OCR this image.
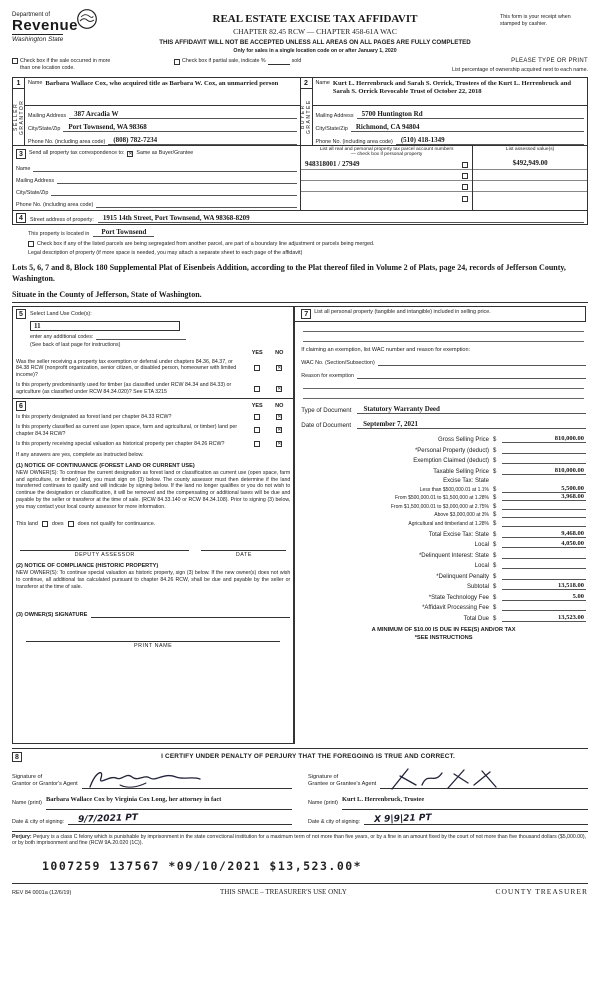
Department of
Revenue
Washington State
REAL ESTATE EXCISE TAX AFFIDAVIT
CHAPTER 82.45 RCW — CHAPTER 458-61A WAC
THIS AFFIDAVIT WILL NOT BE ACCEPTED UNLESS ALL AREAS ON ALL PAGES ARE FULLY COMPLETED
Only for sales in a single location code on or after January 1, 2020
This form is your receipt when stamped by cashier.
Check box if the sale occurred in more than one location code.
Check box if partial sale, indicate %	sold	PLEASE TYPE OR PRINT
List percentage of ownership acquired next to each name.
1
SELLER GRANTOR
Name Barbara Wallace Cox, who acquired title as Barbara W. Cox, an unmarried person
Mailing Address	387 Arcadia W
City/State/Zip	Port Townsend, WA 98368
Phone No. (including area code)	(808) 782-7234
2
BUYER GRANTEE
Name Kurt L. Herrenbruck and Sarah S. Orrick, Trustees of the Kurt L. Herrenbruck and Sarah S. Orrick Revocable Trust of October 22, 2018
Mailing Address	5700 Huntington Rd
City/State/Zip	Richmond, CA 94804
Phone No. (including area code)	(510) 418-1349
3	Send all property tax correspondence to: ✕ Same as Buyer/Grantee
Name
Mailing Address
City/State/Zip
Phone No. (including area code)
List all real and personal property tax parcel account numbers
— check box if personal property
948318001 / 27949
List assessed value(s)
$492,949.00
4	Street address of property:	1915 14th Street, Port Townsend, WA 98368-8209
This property is located in	Port Townsend
Check box if any of the listed parcels are being segregated from another parcel, are part of a boundary line adjustment or parcels being merged.
Legal description of property (if more space is needed, you may attach a separate sheet to each page of the affidavit)
Lots 5, 6, 7 and 8, Block 180 Supplemental Plat of Eisenbeis Addition, according to the Plat thereof filed in Volume 2 of Plats, page 24, records of Jefferson County, Washington.
Situate in the County of Jefferson, State of Washington.
5	Select Land Use Code(s):
11
enter any additional codes:
(See back of last page for instructions)
YES	NO
Was the seller receiving a property tax exemption or deferral under chapters 84.36, 84.37, or 84.38 RCW (nonprofit organization, senior citizen, or disabled person, homeowner with limited income)?
✕
Is this property predominantly used for timber (as classified under RCW 84.34 and 84.33) or agriculture (as classified under RCW 84.34.020)? See ETA 3215
✕
6	YES	NO
Is this property designated as forest land per chapter 84.33 RCW?	✕
Is this property classified as current use (open space, farm and agricultural, or timber) land per chapter 84.34 RCW?
✕
Is this property receiving special valuation as historical property per chapter 84.26 RCW?	✕
If any answers are yes, complete as instructed below.
(1) NOTICE OF CONTINUANCE (FOREST LAND OR CURRENT USE)
NEW OWNER(S): To continue the current designation as forest land or classification as current use (open space, farm and agriculture, or timber) land, you must sign on (3) below. The county assessor must then determine if the land transferred continues to qualify and will indicate by signing below. If the land no longer qualifies or you do not wish to continue the designation or classification, it will be removed and the compensating or additional taxes will be due and payable by the seller or transferor at the time of sale. (RCW 84.33.140 or RCW 84.34.108). Prior to signing (3) below, you may contact your local county assessor for more information.
This land	does	does not qualify for continuance.
DEPUTY ASSESSOR	DATE
(2) NOTICE OF COMPLIANCE (HISTORIC PROPERTY)
NEW OWNER(S): To continue special valuation as historic property, sign (3) below. If the new owner(s) does not wish to continue, all additional tax calculated pursuant to chapter 84.26 RCW, shall be due and payable by the seller or transferor at the time of sale.
(3) OWNER(S) SIGNATURE
PRINT NAME
7	List all personal property (tangible and intangible) included in selling price.
If claiming an exemption, list WAC number and reason for exemption:
WAC No. (Section/Subsection)
Reason for exemption
Type of Document	Statutory Warranty Deed
Date of Document	September 7, 2021
Gross Selling Price $	810,000.00
*Personal Property (deduct) $
Exemption Claimed (deduct) $
Taxable Selling Price $	810,000.00
Excise Tax: State
Less than $500,000.01 at 1.1% $	5,500.00
From $500,000.01 to $1,500,000 at 1.28% $	3,968.00
From $1,500,000.01 to $3,000,000 at 2.75% $
Above $3,000,000 at 3% $
Agricultural and timberland at 1.28% $
Total Excise Tax: State $	9,468.00
Local $	4,050.00
*Delinquent Interest: State $
Local $
*Delinquent Penalty $
Subtotal $	13,518.00
*State Technology Fee $	5.00
*Affidavit Processing Fee $
Total Due $	13,523.00
A MINIMUM OF $10.00 IS DUE IN FEE(S) AND/OR TAX
*SEE INSTRUCTIONS
8	I CERTIFY UNDER PENALTY OF PERJURY THAT THE FOREGOING IS TRUE AND CORRECT.
Signature of
Grantor or Grantor's Agent
Signature of
Grantee or Grantee's Agent
Name (print) Barbara Wallace Cox by Virginia Cox Long, her attorney in fact
Date & city of signing:	9/7/2021 PT
Name (print) Kurt L. Herrenbruck, Trustee
Date & city of signing:	X 9|9|21 PT
Perjury: Perjury is a class C felony which is punishable by imprisonment in the state correctional institution for a maximum term of not more than five years, or by a fine in an amount fixed by the court of not more than five thousand dollars ($5,000.00), or by both imprisonment and fine (RCW 9A.20.020 (1C)).
1007259 137567 *09/10/2021 $13,523.00*
REV 84 0001a (12/6/19)	THIS SPACE – TREASURER'S USE ONLY	COUNTY TREASURER
